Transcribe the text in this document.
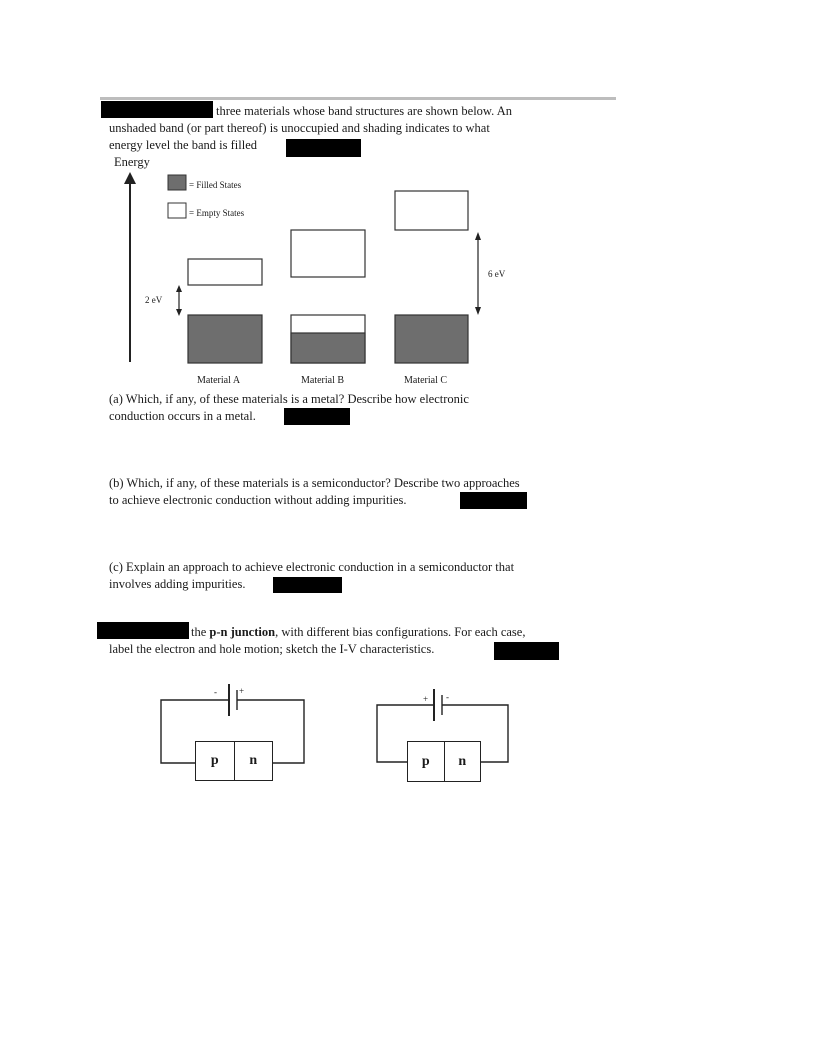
three materials whose band structures are shown below. An
unshaded band (or part thereof) is unoccupied and shading indicates to what
energy level the band is filled
Energy
= Filled States
= Empty States
2 eV
6 eV
Material A	Material B	Material C
(a) Which, if any, of these materials is a metal? Describe how electronic
conduction occurs in a metal.
(b) Which, if any, of these materials is a semiconductor? Describe two approaches
to achieve electronic conduction without adding impurities.
(c) Explain an approach to achieve electronic conduction in a semiconductor that
involves adding impurities.
the p-n junction, with different bias configurations. For each case,
label the electron and hole motion; sketch the I-V characteristics.
- +
p	n
+ -
p	n
